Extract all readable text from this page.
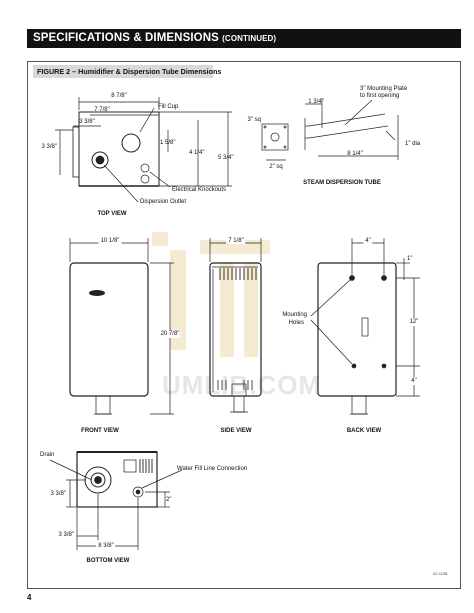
SPECIFICATIONS & DIMENSIONS (CONTINUED)
FIGURE 2 – Humidifier & Dispersion Tube Dimensions
UMLIB.COM
8 7/8"
7 7/8"
3 3/8"
3 3/8"
Fill Cup
1 5/8"
4 1/4"
5 3/4"
Electrical Knockouts
Dispersion Outlet
TOP VIEW
3" sq
2" sq
1 3/4"
3" Mounting Plate
to first opening
8 1/4"
1" dia
STEAM DISPERSION TUBE
10 1/8"
20 7/8"
FRONT VIEW
7 1/8"
SIDE VIEW
4"
1"
12"
4"
Mounting
Holes
BACK VIEW
Drain
Water Fill Line Connection
3 3/8"
2"
3 3/8"
8 3/8"
BOTTOM VIEW
02-1138
4
